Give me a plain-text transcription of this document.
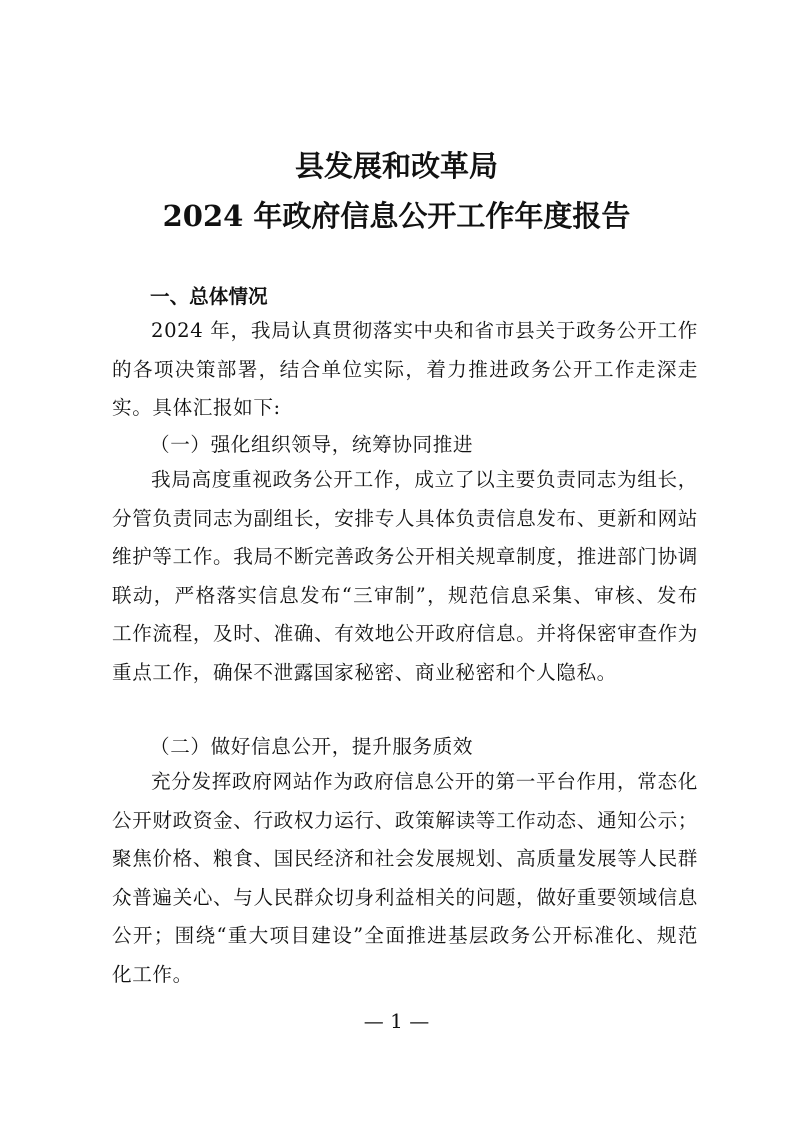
县发展和改革局
2024 年政府信息公开工作年度报告
一、总体情况
2024 年，我局认真贯彻落实中央和省市县关于政务公开工作的各项决策部署，结合单位实际，着力推进政务公开工作走深走实。具体汇报如下:
（一）强化组织领导，统筹协同推进
我局高度重视政务公开工作，成立了以主要负责同志为组长，分管负责同志为副组长，安排专人具体负责信息发布、更新和网站维护等工作。我局不断完善政务公开相关规章制度，推进部门协调联动，严格落实信息发布“三审制”，规范信息采集、审核、发布工作流程，及时、准确、有效地公开政府信息。并将保密审查作为重点工作，确保不泄露国家秘密、商业秘密和个人隐私。
（二）做好信息公开，提升服务质效
充分发挥政府网站作为政府信息公开的第一平台作用，常态化公开财政资金、行政权力运行、政策解读等工作动态、通知公示；聚焦价格、粮食、国民经济和社会发展规划、高质量发展等人民群众普遍关心、与人民群众切身利益相关的问题，做好重要领域信息公开；围绕“重大项目建设”全面推进基层政务公开标准化、规范化工作。
— 1 —
